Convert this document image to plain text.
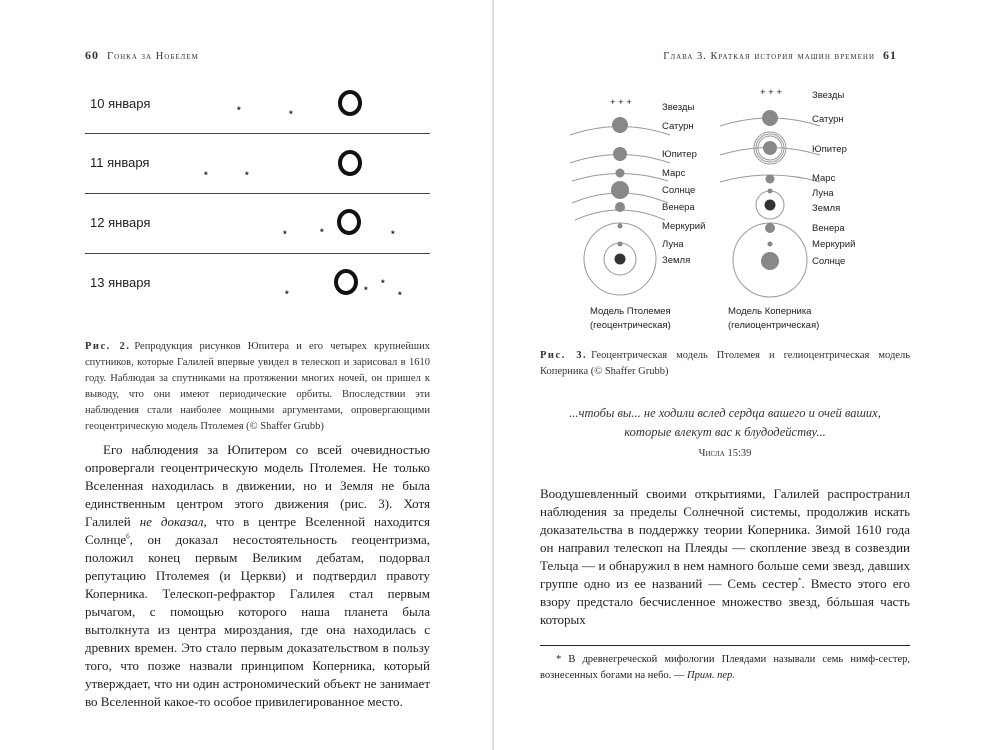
60 Гонка за Нобелем	Глава 3. Краткая история машин времени 61
10 января
11 января
12 января
13 января
*	*
*	*
*	*	*
*	*
*
*
Рис. 2. Репродукция рисунков Юпитера и его четырех крупнейших спутников, которые Галилей впервые увидел в телескоп и зарисовал в 1610 году. Наблюдая за спутниками на протяжении многих ночей, он пришел к выводу, что они имеют периодические орбиты. Впоследствии эти наблюдения стали наиболее мощными аргументами, опровергающими геоцентрическую модель Птолемея (© Shaffer Grubb)

Его наблюдения за Юпитером со всей очевидностью опровергали геоцентрическую модель Птолемея. Не только Вселенная находилась в движении, но и Земля не была единственным центром этого движения (рис. 3). Хотя Галилей не доказал, что в центре Вселенной находится Солнце$^6$, он доказал несостоятельность геоцентризма, положил конец первым Великим дебатам, подорвал репутацию Птолемея (и Церкви) и подтвердил правоту Коперника. Телескоп-рефрактор Галилея стал первым рычагом, с помощью которого наша планета была вытолкнута из центра мироздания, где она находилась с древних времен. Это стало первым доказательством в пользу того, что позже назвали принципом Коперника, который утверждает, что ни один астрономический объект не занимает во Вселенной какое-то особое привилегированное место.

+ + +
+ + +
Звезды
Сатурн
Юпитер
Марс
Солнце
Венера
Меркурий
Луна
Земля
Модель Птолемея
(геоцентрическая)
Звезды
Сатурн
Юпитер
Марс
Луна
Земля
Венера
Меркурий
Солнце
Модель Коперника
(гелиоцентрическая)
Рис. 3. Геоцентрическая модель Птолемея и гелиоцентрическая модель Коперника (© Shaffer Grubb)
...чтобы вы... не ходили вслед сердца вашего и очей ваших,
которые влекут вас к блудодейству...
Числа 15:39

Воодушевленный своими открытиями, Галилей распространил наблюдения за пределы Солнечной системы, продолжив искать доказательства в поддержку теории Коперника. Зимой 1610 года он направил телескоп на Плеяды — скопление звезд в созвездии Тельца — и обнаружил в нем намного больше семи звезд, давших группе одно из ее названий — Семь сестер*. Вместо этого его взору предстало бесчисленное множество звезд, бóльшая часть которых

* В древнегреческой мифологии Плеядами называли семь нимф-сестер, вознесенных богами на небо. — Прим. пер.
